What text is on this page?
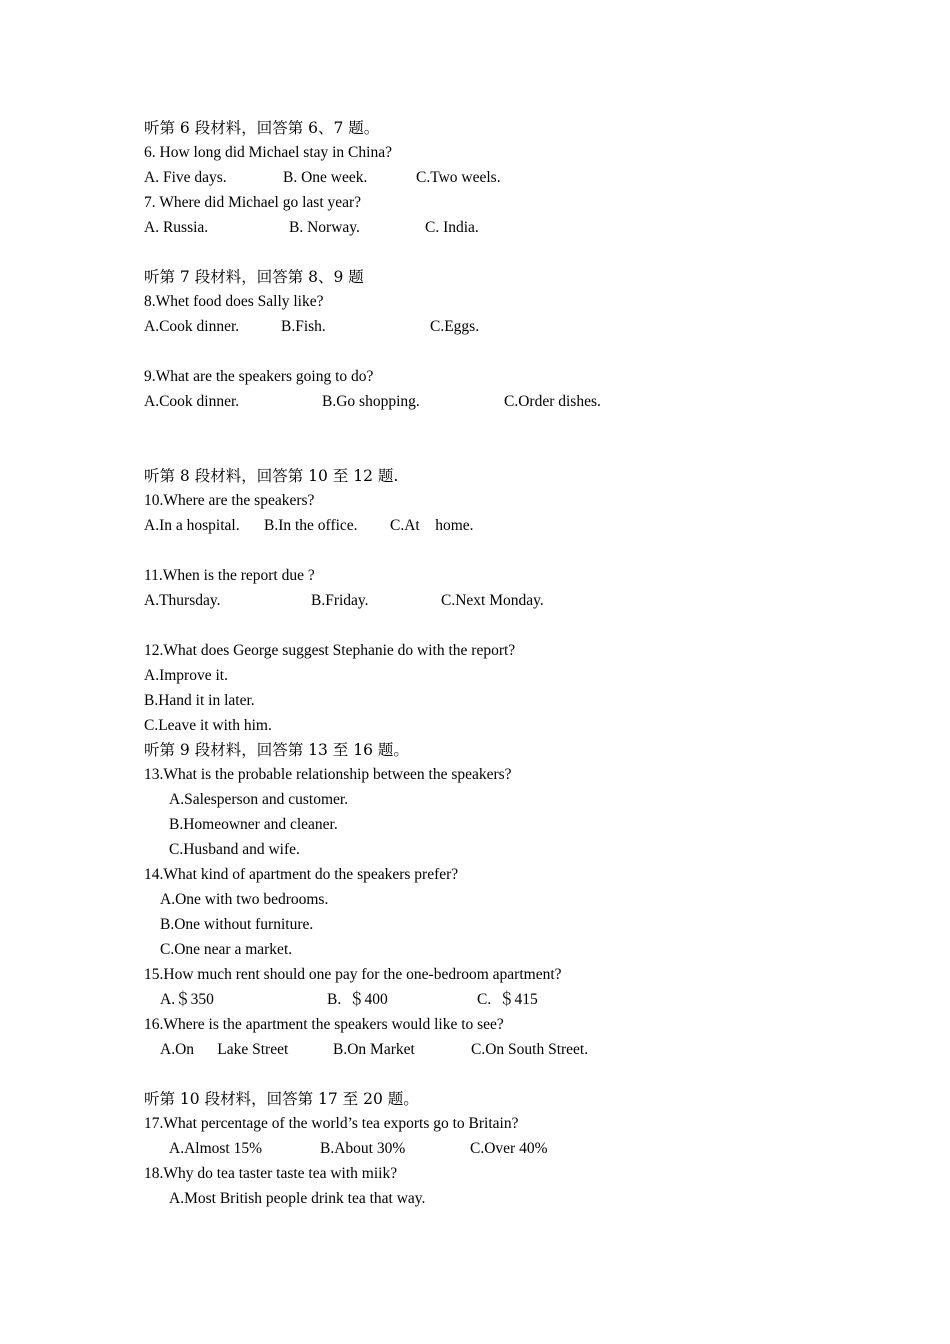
听第 6 段材料，回答第 6、7 题。
6. How long did Michael stay in China?
A. Five days.	B. One week.	C.Two weels.
7. Where did Michael go last year?
A. Russia.	B. Norway.	C. India.
听第 7 段材料，回答第 8、9 题
8.Whet food does Sally like?
A.Cook dinner.	B.Fish.	C.Eggs.
9.What are the speakers going to do?
A.Cook dinner.	B.Go shopping.	C.Order dishes.
听第 8 段材料，回答第 10 至 12 题.
10.Where are the speakers?
A.In a hospital. B.In the office. C.At    home.
11.When is the report due ?
A.Thursday.	B.Friday.	C.Next Monday.
12.What does George suggest Stephanie do with the report?
A.Improve it.
B.Hand it in later.
C.Leave it with him.
听第 9 段材料，回答第 13 至 16 题。
13.What is the probable relationship between the speakers?
A.Salesperson and customer.
B.Homeowner and cleaner.
C.Husband and wife.
14.What kind of apartment do the speakers prefer?
A.One with two bedrooms.
B.One without furniture.
C.One near a market.
15.How much rent should one pay for the one-bedroom apartment?
A.＄350	B.  ＄400	C.  ＄415
16.Where is the apartment the speakers would like to see?
A.On      Lake Street	B.On Market	C.On South Street.
听第 10 段材料，回答第 17 至 20 题。
17.What percentage of the world’s tea exports go to Britain?
A.Almost 15%	B.About 30%	C.Over 40%
18.Why do tea taster taste tea with miik?
A.Most British people drink tea that way.
